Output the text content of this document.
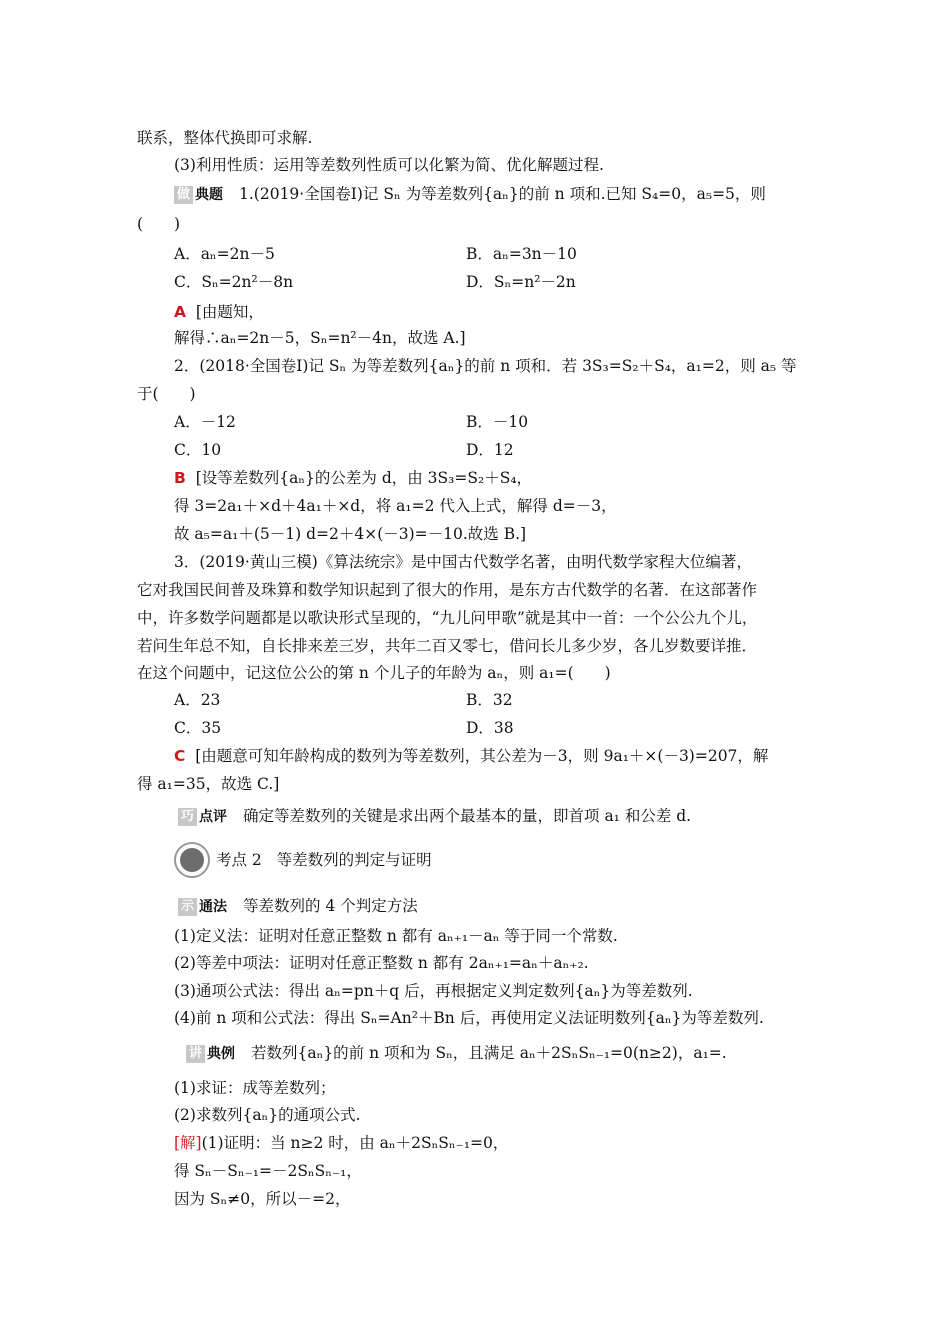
联系，整体代换即可求解.
(3)利用性质：运用等差数列性质可以化繁为简、优化解题过程.
做 典题 1.(2019·全国卷Ⅰ)记 Sₙ 为等差数列{aₙ}的前 n 项和.已知 S₄=0，a₅=5，则
(　　)
A．aₙ=2n－5	B．aₙ=3n－10
C．Sₙ=2n²－8n	D．Sₙ=n²－2n
A [由题知，
解得∴aₙ=2n－5，Sₙ=n²－4n，故选 A.]
2．(2018·全国卷Ⅰ)记 Sₙ 为等差数列{aₙ}的前 n 项和．若 3S₃=S₂＋S₄，a₁=2，则 a₅ 等
于(　　)
A．－12	B．－10
C．10	D．12
B [设等差数列{aₙ}的公差为 d，由 3S₃=S₂＋S₄，
得 3=2a₁＋×d＋4a₁＋×d，将 a₁=2 代入上式，解得 d=－3，
故 a₅=a₁＋(5－1) d=2＋4×(－3)=－10.故选 B.]
3．(2019·黄山三模)《算法统宗》是中国古代数学名著，由明代数学家程大位编著，
它对我国民间普及珠算和数学知识起到了很大的作用，是东方古代数学的名著．在这部著作
中，许多数学问题都是以歌诀形式呈现的，“九儿问甲歌”就是其中一首：一个公公九个儿，
若问生年总不知，自长排来差三岁，共年二百又零七，借问长儿多少岁，各儿岁数要详推．
在这个问题中，记这位公公的第 n 个儿子的年龄为 aₙ，则 a₁=(　　)
A．23	B．32
C．35	D．38
C [由题意可知年龄构成的数列为等差数列，其公差为－3，则 9a₁＋×(－3)=207，解
得 a₁=35，故选 C.]
巧 点评 确定等差数列的关键是求出两个最基本的量，即首项 a₁ 和公差 d.
考点 2 等差数列的判定与证明
示 通法 等差数列的 4 个判定方法
(1)定义法：证明对任意正整数 n 都有 aₙ₊₁－aₙ 等于同一个常数.
(2)等差中项法：证明对任意正整数 n 都有 2aₙ₊₁=aₙ＋aₙ₊₂.
(3)通项公式法：得出 aₙ=pn＋q 后，再根据定义判定数列{aₙ}为等差数列.
(4)前 n 项和公式法：得出 Sₙ=An²＋Bn 后，再使用定义法证明数列{aₙ}为等差数列.
讲 典例 若数列{aₙ}的前 n 项和为 Sₙ，且满足 aₙ＋2SₙSₙ₋₁=0(n≥2)，a₁=.
(1)求证：成等差数列；
(2)求数列{aₙ}的通项公式.
[解](1)证明：当 n≥2 时，由 aₙ＋2SₙSₙ₋₁=0，
得 Sₙ－Sₙ₋₁=－2SₙSₙ₋₁，
因为 Sₙ≠0，所以－=2，
